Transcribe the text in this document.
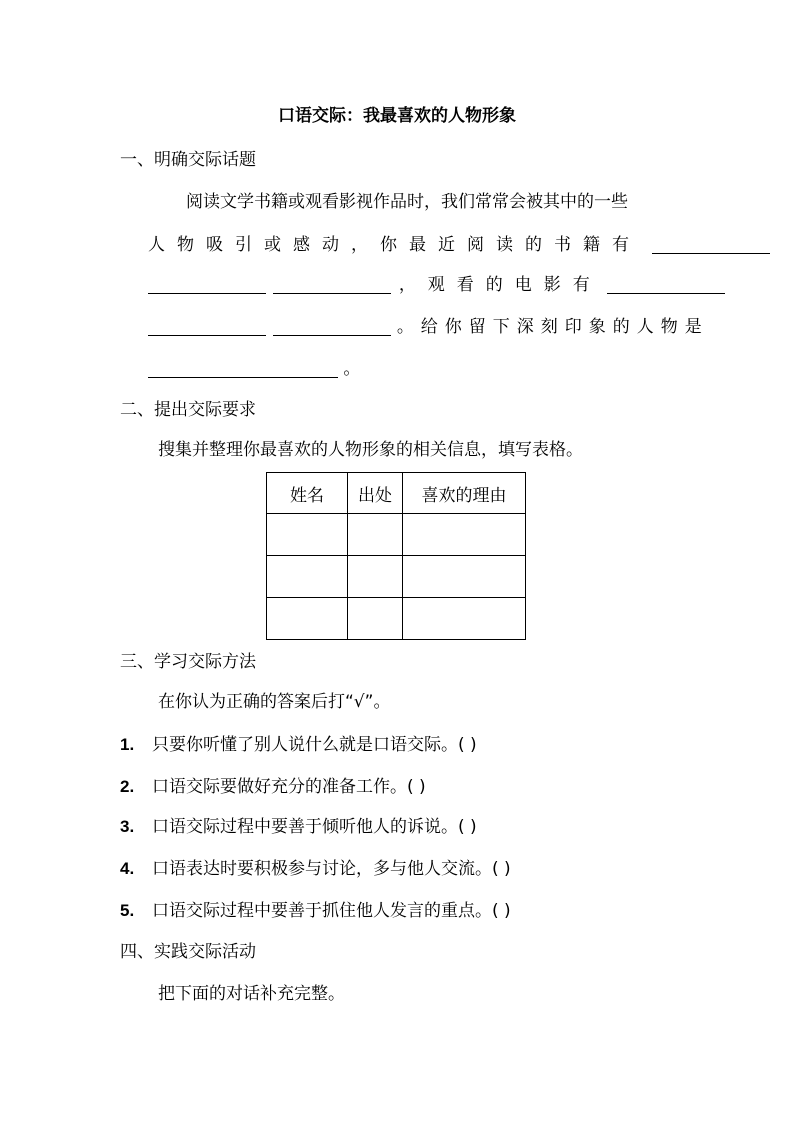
口语交际：我最喜欢的人物形象
一、明确交际话题
阅读文学书籍或观看影视作品时，我们常常会被其中的一些
人物吸引或感动，你最近阅读的书籍有
，观看的电影有
。给你留下深刻印象的人物是
。
二、提出交际要求
搜集并整理你最喜欢的人物形象的相关信息，填写表格。
姓名	出处	喜欢的理由

三、学习交际方法
在你认为正确的答案后打“√”。
1. 只要你听懂了别人说什么就是口语交际。( )
2. 口语交际要做好充分的准备工作。( )
3. 口语交际过程中要善于倾听他人的诉说。( )
4. 口语表达时要积极参与讨论，多与他人交流。( )
5. 口语交际过程中要善于抓住他人发言的重点。( )
四、实践交际活动
把下面的对话补充完整。
